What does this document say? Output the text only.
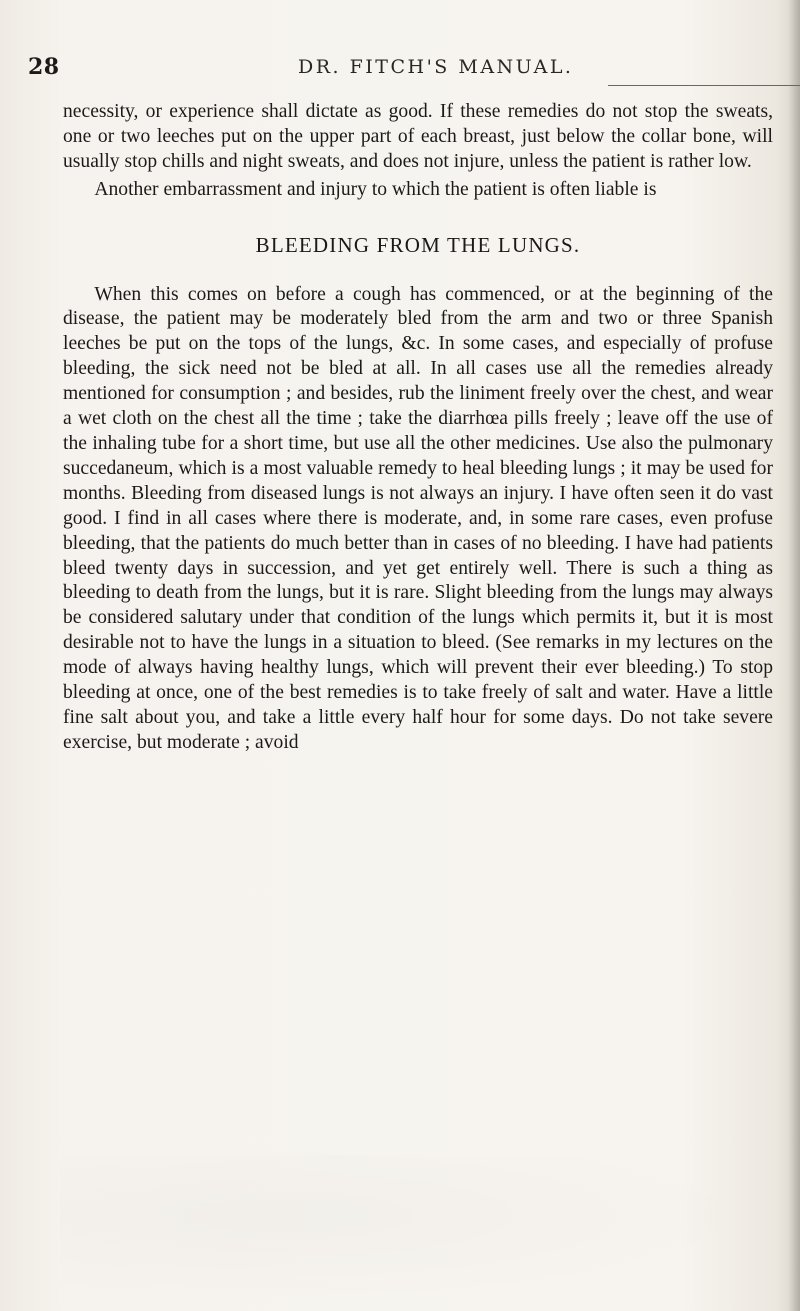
28	DR. FITCH'S MANUAL.

necessity, or experience shall dictate as good. If these remedies do not stop the sweats, one or two leeches put on the upper part of each breast, just below the collar bone, will usually stop chills and night sweats, and does not injure, unless the patient is rather low.

Another embarrassment and injury to which the patient is often liable is

BLEEDING FROM THE LUNGS.

When this comes on before a cough has commenced, or at the beginning of the disease, the patient may be moderately bled from the arm and two or three Spanish leeches be put on the tops of the lungs, &c. In some cases, and especially of profuse bleeding, the sick need not be bled at all. In all cases use all the remedies already mentioned for consumption ; and besides, rub the liniment freely over the chest, and wear a wet cloth on the chest all the time ; take the diarrhœa pills freely ; leave off the use of the inhaling tube for a short time, but use all the other medicines. Use also the pulmonary succedaneum, which is a most valuable remedy to heal bleeding lungs ; it may be used for months. Bleeding from diseased lungs is not always an injury. I have often seen it do vast good. I find in all cases where there is moderate, and, in some rare cases, even profuse bleeding, that the patients do much better than in cases of no bleeding. I have had patients bleed twenty days in succession, and yet get entirely well. There is such a thing as bleeding to death from the lungs, but it is rare. Slight bleeding from the lungs may always be considered salutary under that condition of the lungs which permits it, but it is most desirable not to have the lungs in a situation to bleed. (See remarks in my lectures on the mode of always having healthy lungs, which will prevent their ever bleeding.) To stop bleeding at once, one of the best remedies is to take freely of salt and water. Have a little fine salt about you, and take a little every half hour for some days. Do not take severe exercise, but moderate ; avoid
